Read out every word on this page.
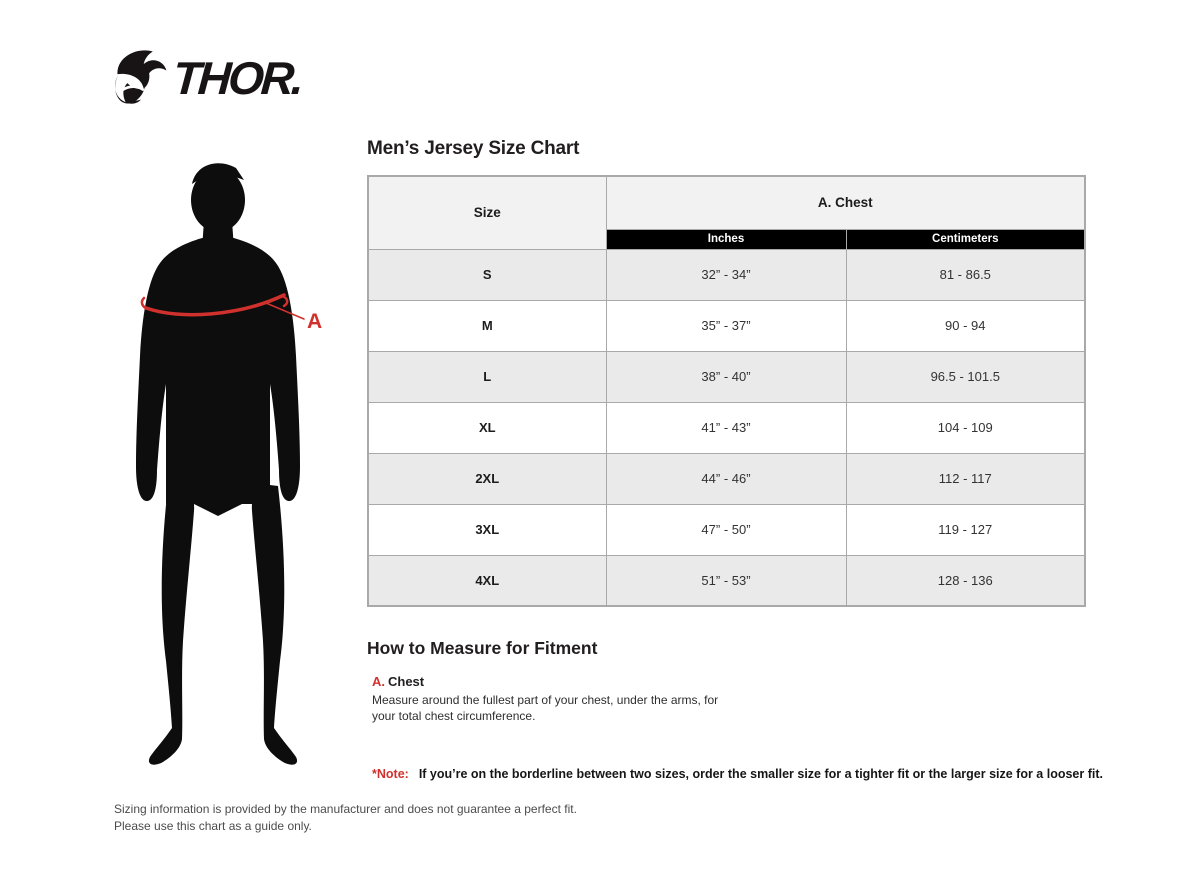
THOR.
A
Men’s Jersey Size Chart
Size	A. Chest	
	Inches	Centimeters
S	32” - 34”	81 - 86.5
M	35” - 37”	90 - 94
L	38” - 40”	96.5 - 101.5
XL	41” - 43”	104 - 109
2XL	44” - 46”	112 - 117
3XL	47” - 50”	119 - 127
4XL	51” - 53”	128 - 136
How to Measure for Fitment
A. Chest
Measure around the fullest part of your chest, under the arms, for your total chest circumference.
*Note: If you’re on the borderline between two sizes, order the smaller size for a tighter fit or the larger size for a looser fit.
Sizing information is provided by the manufacturer and does not guarantee a perfect fit.
Please use this chart as a guide only.
